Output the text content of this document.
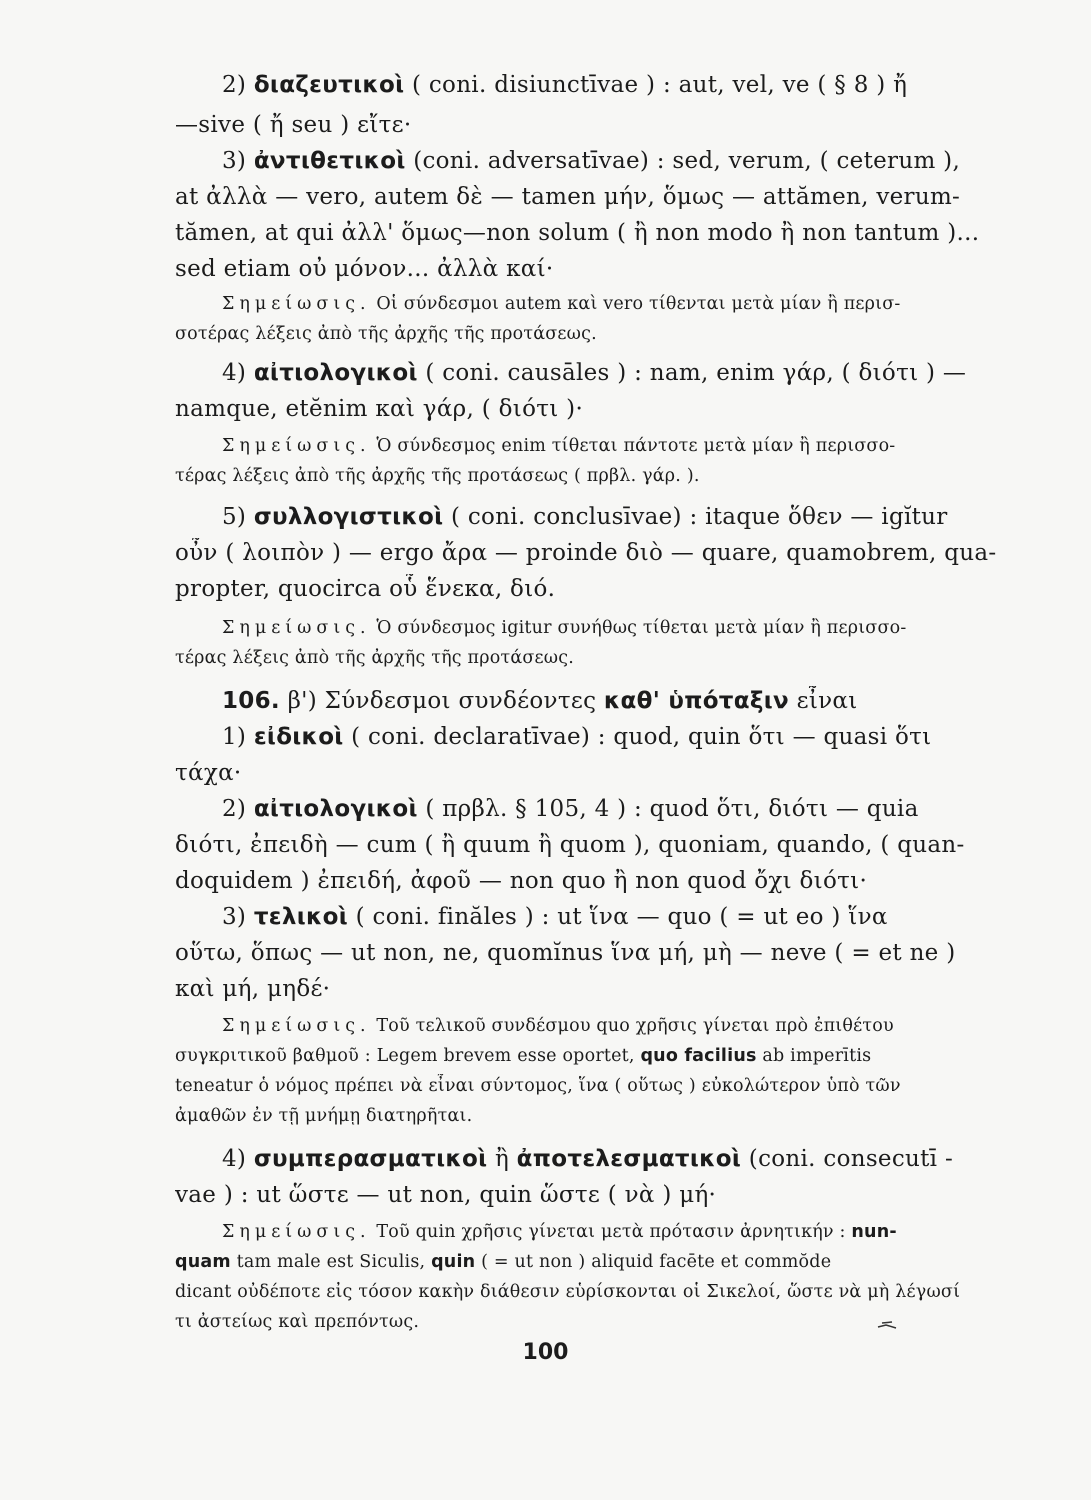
2) διαζευτικοὶ ( coni. disiunctīvae ) : aut, vel, ve ( § 8 ) ἤ
—sive ( ἤ seu ) εἴτε·
3) ἀντιθετικοὶ (coni. adversatīvae) : sed, verum, ( ceterum ),
at ἀλλὰ — vero, autem δὲ — tamen μήν, ὅμως — attămen, verum-
tămen, at qui ἀλλ' ὅμως—non solum ( ἢ non modo ἢ non tantum )...
sed etiam οὐ μόνον... ἀλλὰ καί·
Σημείωσις. Οἱ σύνδεσμοι autem καὶ vero τίθενται μετὰ μίαν ἢ περισ-
σοτέρας λέξεις ἀπὸ τῆς ἀρχῆς τῆς προτάσεως.
4) αἰτιολογικοὶ ( coni. causāles ) : nam, enim γάρ, ( διότι ) —
namque, etĕnim καὶ γάρ, ( διότι )·
Σημείωσις. Ὁ σύνδεσμος enim τίθεται πάντοτε μετὰ μίαν ἢ περισσο-
τέρας λέξεις ἀπὸ τῆς ἀρχῆς τῆς προτάσεως ( πρβλ. γάρ. ).
5) συλλογιστικοὶ ( coni. conclusīvae) : itaque ὅθεν — igĭtur
οὖν ( λοιπὸν ) — ergo ἄρα — proinde διὸ — quare, quamobrem, qua-
propter, quocirca οὗ ἕνεκα, διό.
Σημείωσις. Ὁ σύνδεσμος igitur συνήθως τίθεται μετὰ μίαν ἢ περισσο-
τέρας λέξεις ἀπὸ τῆς ἀρχῆς τῆς προτάσεως.
106. β') Σύνδεσμοι συνδέοντες καθ' ὑπόταξιν εἶναι
1) εἰδικοὶ ( coni. declaratīvae) : quod, quin ὅτι — quasi ὅτι
τάχα·
2) αἰτιολογικοὶ ( πρβλ. § 105, 4 ) : quod ὅτι, διότι — quia
διότι, ἐπειδὴ — cum ( ἢ quum ἢ quom ), quoniam, quando, ( quan-
doquidem ) ἐπειδή, ἀφοῦ — non quo ἢ non quod ὄχι διότι·
3) τελικοὶ ( coni. finăles ) : ut ἵνα — quo ( = ut eo ) ἵνα
οὕτω, ὅπως — ut non, ne, quomĭnus ἵνα μή, μὴ — neve ( = et ne )
καὶ μή, μηδέ·
Σημείωσις. Τοῦ τελικοῦ συνδέσμου quo χρῆσις γίνεται πρὸ ἐπιθέτου
συγκριτικοῦ βαθμοῦ : Legem brevem esse oportet, quo facilius ab imperītis
teneatur ὁ νόμος πρέπει νὰ εἶναι σύντομος, ἵνα ( οὕτως ) εὐκολώτερον ὑπὸ τῶν
ἀμαθῶν ἐν τῇ μνήμῃ διατηρῆται.
4) συμπερασματικοὶ ἢ ἀποτελεσματικοὶ (coni. consecutī -
vae ) : ut ὥστε — ut non, quin ὥστε ( νὰ ) μή·
Σημείωσις. Τοῦ quin χρῆσις γίνεται μετὰ πρότασιν ἀρνητικήν : nun-
quam tam male est Siculis, quin ( = ut non ) aliquid facēte et commŏde
dicant οὐδέποτε εἰς τόσον κακὴν διάθεσιν εὑρίσκονται οἱ Σικελοί, ὥστε νὰ μὴ λέγωσί
τι ἀστείως καὶ πρεπόντως.
100
